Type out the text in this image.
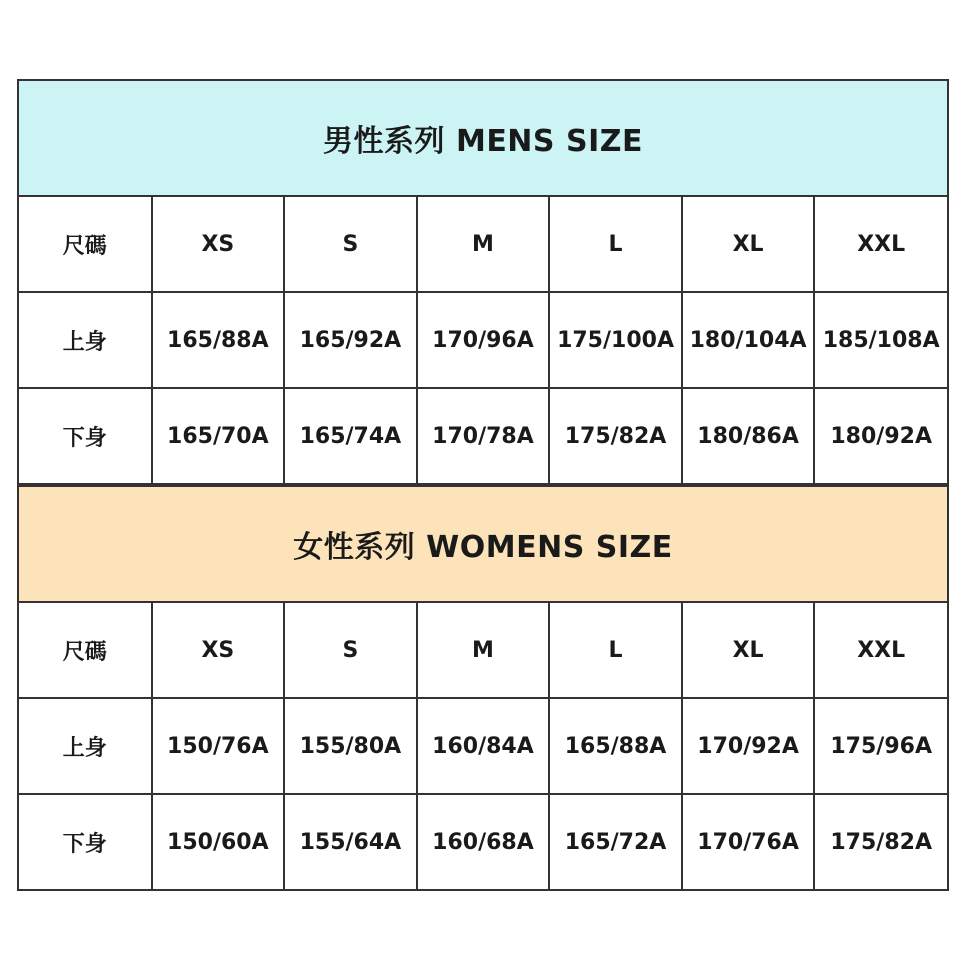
男性系列 MENS SIZE
尺碼	XS	S	M	L	XL	XXL
上身	165/88A	165/92A	170/96A	175/100A	180/104A	185/108A
下身	165/70A	165/74A	170/78A	175/82A	180/86A	180/92A
女性系列 WOMENS SIZE
尺碼	XS	S	M	L	XL	XXL
上身	150/76A	155/80A	160/84A	165/88A	170/92A	175/96A
下身	150/60A	155/64A	160/68A	165/72A	170/76A	175/82A
